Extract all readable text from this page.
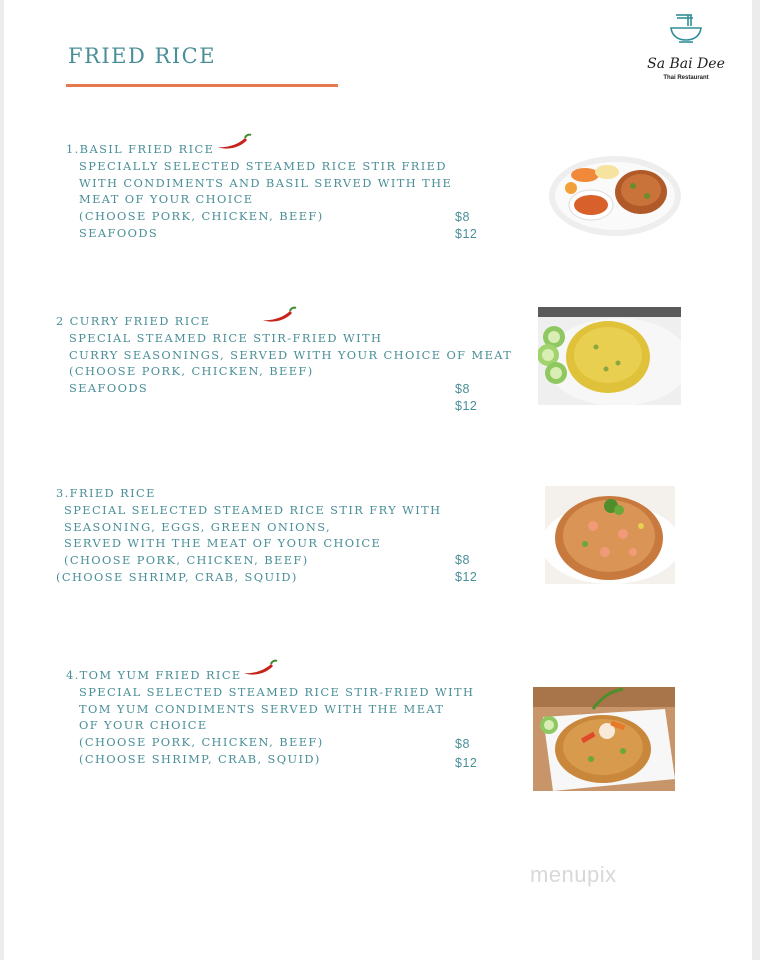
FRIED RICE	Sa Bai Dee
Thai Restaurant
1.BASIL FRIED RICE
SPECIALLY SELECTED STEAMED RICE STIR FRIED
WITH CONDIMENTS AND BASIL SERVED WITH THE
MEAT OF YOUR CHOICE
(CHOOSE PORK, CHICKEN, BEEF)
SEAFOODS
$8
$12
2 CURRY FRIED RICE
SPECIAL STEAMED RICE STIR-FRIED WITH
CURRY SEASONINGS, SERVED WITH YOUR CHOICE OF MEAT
(CHOOSE PORK, CHICKEN, BEEF)
SEAFOODS	$8
$12
3.FRIED RICE
SPECIAL SELECTED STEAMED RICE STIR FRY WITH
SEASONING, EGGS, GREEN ONIONS,
SERVED WITH THE MEAT OF YOUR CHOICE
(CHOOSE PORK, CHICKEN, BEEF)
(CHOOSE SHRIMP, CRAB, SQUID)
$8
$12
4.TOM YUM FRIED RICE
SPECIAL SELECTED STEAMED RICE STIR-FRIED WITH
TOM YUM CONDIMENTS SERVED WITH THE MEAT
OF YOUR CHOICE
(CHOOSE PORK, CHICKEN, BEEF)
(CHOOSE SHRIMP, CRAB, SQUID)
$8
$12
menupix
